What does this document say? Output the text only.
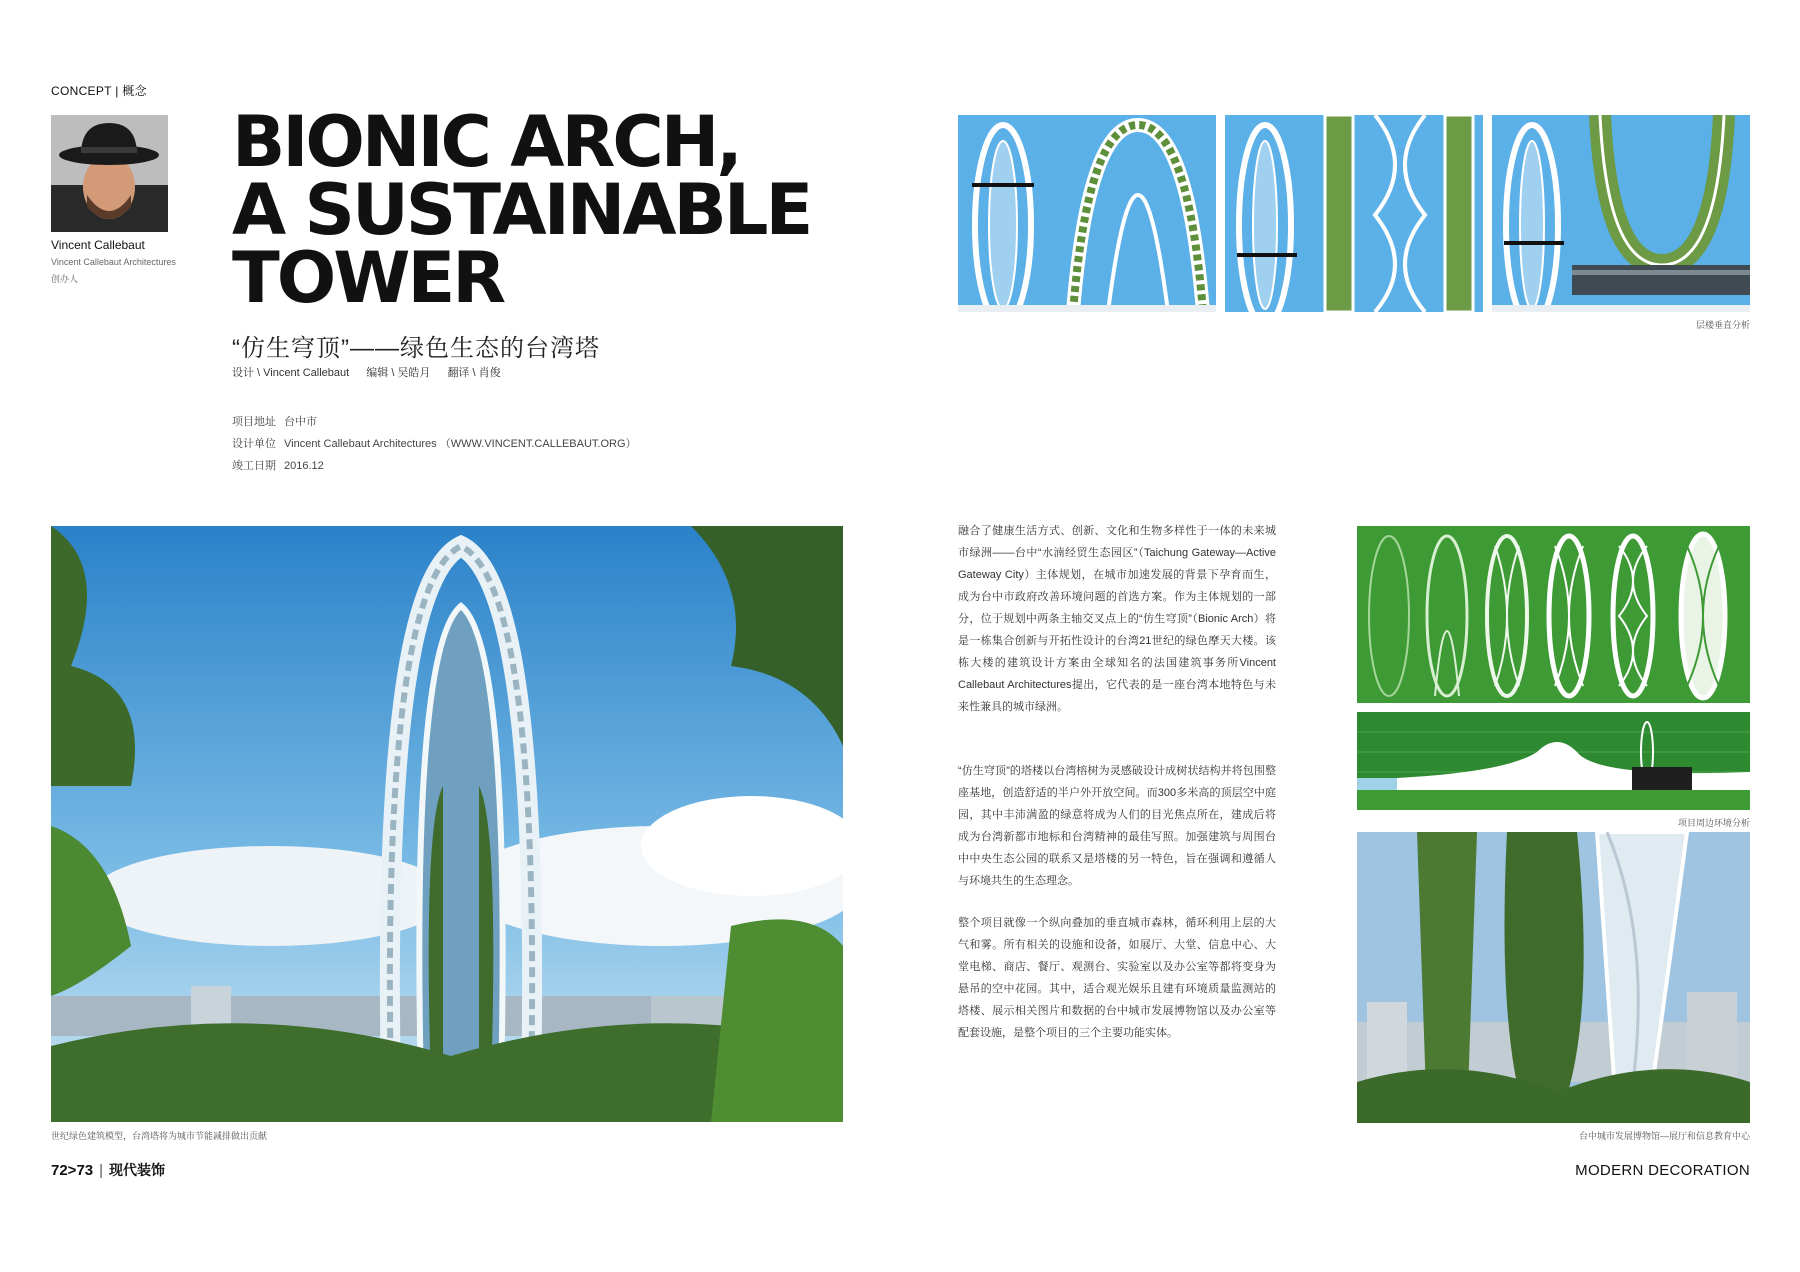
CONCEPT | 概念
Vincent Callebaut
Vincent Callebaut Architectures
创办人
BIONIC ARCH,
A SUSTAINABLE
TOWER
“仿生穹顶”——绿色生态的台湾塔
设计 \ Vincent Callebaut 编辑 \ 吴皓月 翻译 \ 肖俊
项目地址 台中市
设计单位 Vincent Callebaut Architectures （WWW.VINCENT.CALLEBAUT.ORG）
竣工日期 2016.12
层楼垂直分析
世纪绿色建筑模型，台湾塔将为城市节能减排做出贡献
融合了健康生活方式、创新、文化和生物多样性于一体的未来城市绿洲——台中“水湳经贸生态园区”（Taichung Gateway—Active Gateway City）主体规划，在城市加速发展的背景下孕育而生，成为台中市政府改善环境问题的首选方案。作为主体规划的一部分，位于规划中两条主轴交叉点上的“仿生穹顶”（Bionic Arch）将是一栋集合创新与开拓性设计的台湾21世纪的绿色摩天大楼。该栋大楼的建筑设计方案由全球知名的法国建筑事务所Vincent Callebaut Architectures提出，它代表的是一座台湾本地特色与未来性兼具的城市绿洲。
“仿生穹顶”的塔楼以台湾榕树为灵感破设计成树状结构并将包围整座基地，创造舒适的半户外开放空间。而300多米高的顶层空中庭园，其中丰沛满盈的绿意将成为人们的目光焦点所在，建成后将成为台湾新都市地标和台湾精神的最佳写照。加强建筑与周围台中中央生态公园的联系又是塔楼的另一特色，旨在强调和遵循人与环境共生的生态理念。
整个项目就像一个纵向叠加的垂直城市森林，循环利用上层的大气和雾。所有相关的设施和设备，如展厅、大堂、信息中心、大堂电梯、商店、餐厅、观测台、实验室以及办公室等都将变身为悬吊的空中花园。其中，适合观光娱乐且建有环境质量监测站的塔楼、展示相关图片和数据的台中城市发展博物馆以及办公室等配套设施，是整个项目的三个主要功能实体。
项目周边环境分析
台中城市发展博物馆—展厅和信息教育中心
72>73 | 现代装饰	MODERN DECORATION
